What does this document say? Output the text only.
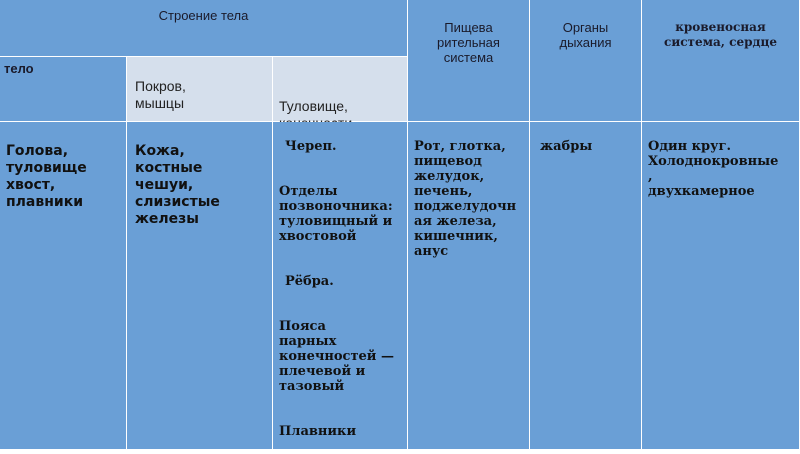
Строение тела

Пищева
рительная
система

Органы
дыхания

кровеносная
система, сердце

тело

Покров,
мышцы	Туловище,

Голова,
туловище
хвост,
плавники

Кожа,
костные
чешуи,
слизистые
железы

Череп.

Отделы
позвоночника:
туловищный и
хвостовой

Рёбра.

Пояса
парных
конечностей —
плечевой и
тазовый

Плавники

Рот, глотка,
пищевод
желудок,
печень,
поджелудочн
ая железа,
кишечник,
анус

жабры	Один круг.
Холоднокровные
,
двухкамерное
